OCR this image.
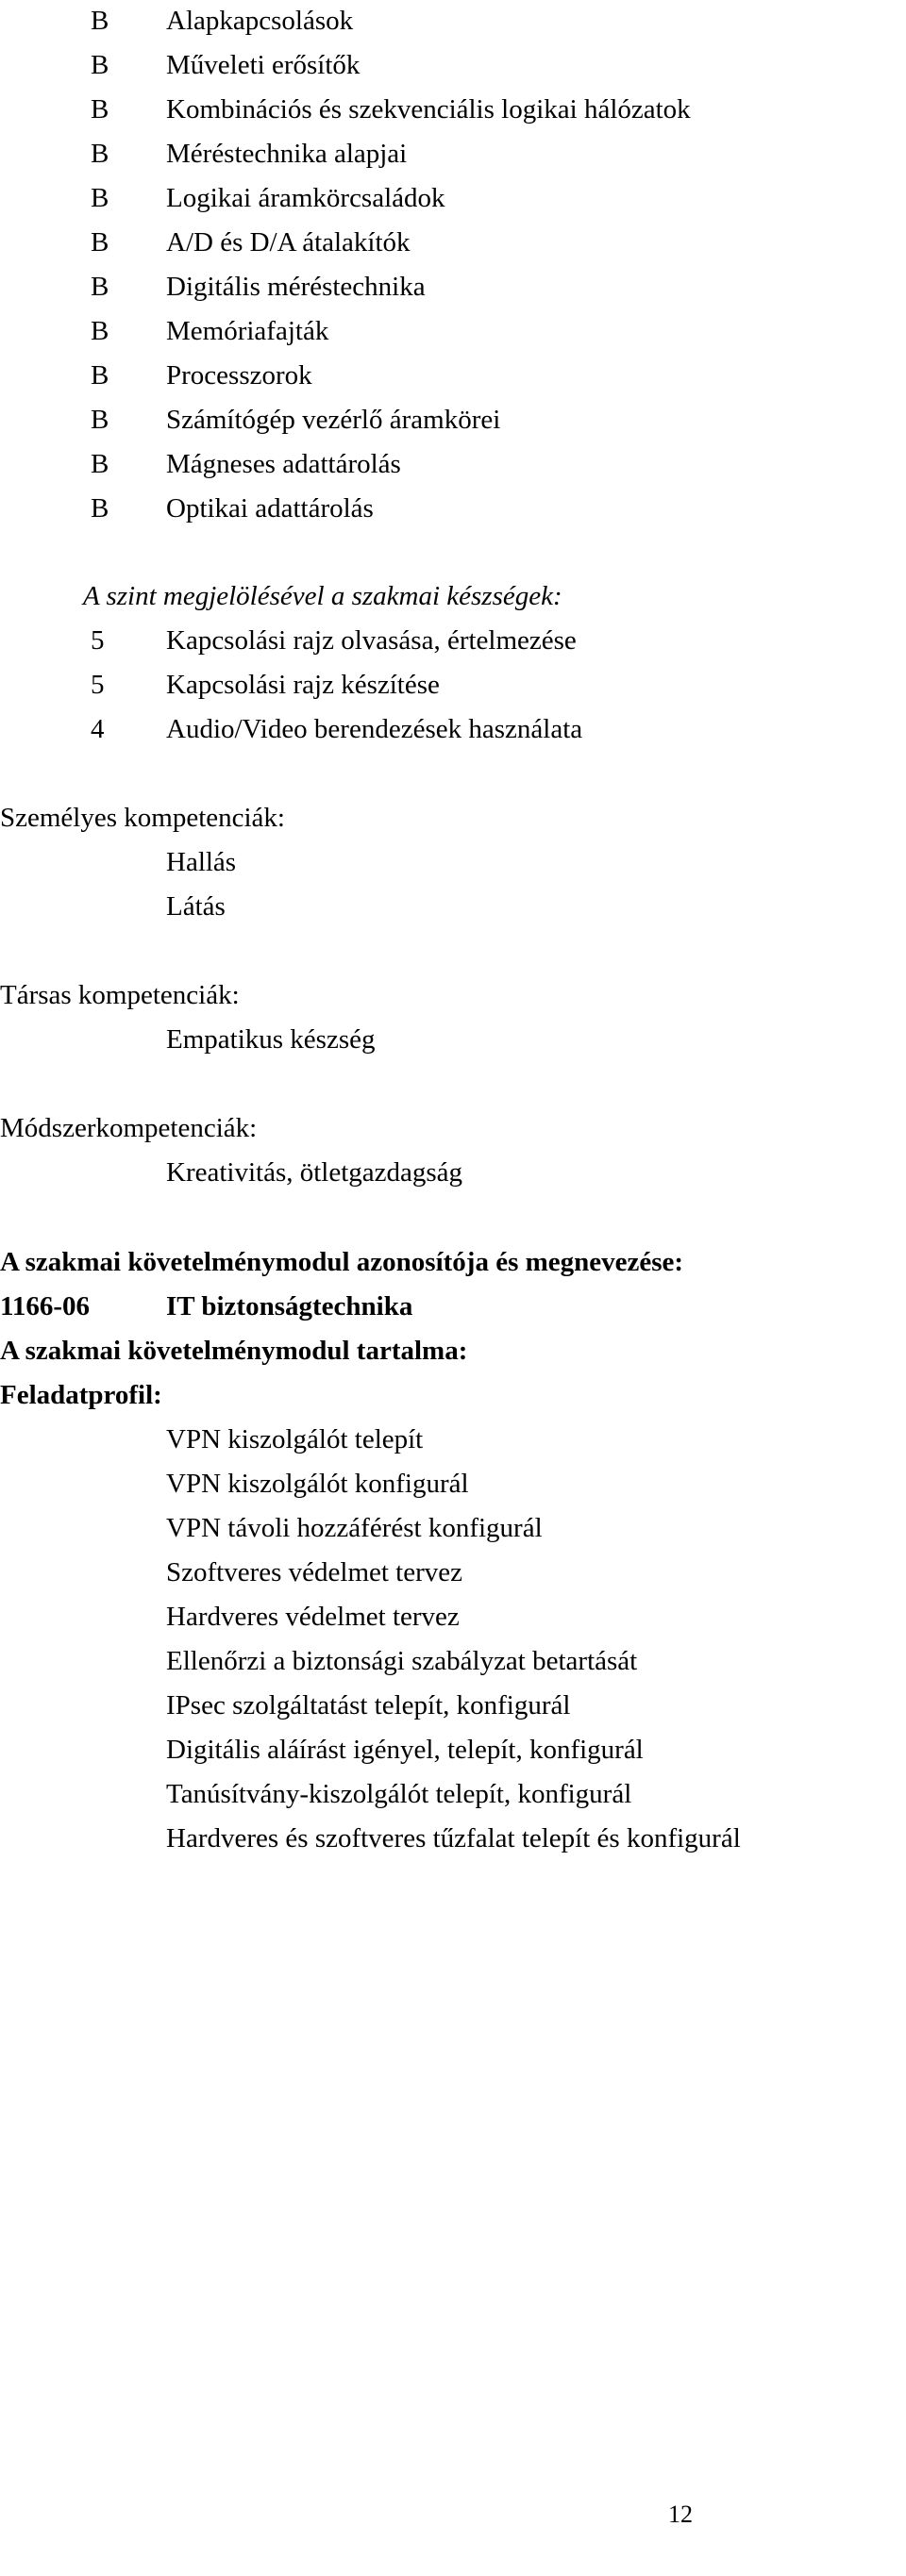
B Alapkapcsolások
B Műveleti erősítők
B Kombinációs és szekvenciális logikai hálózatok
B Méréstechnika alapjai
B Logikai áramkörcsaládok
B A/D és D/A átalakítók
B Digitális méréstechnika
B Memóriafajták
B Processzorok
B Számítógép vezérlő áramkörei
B Mágneses adattárolás
B Optikai adattárolás
A szint megjelölésével a szakmai készségek:
5 Kapcsolási rajz olvasása, értelmezése
5 Kapcsolási rajz készítése
4 Audio/Video berendezések használata
Személyes kompetenciák:
Hallás
Látás
Társas kompetenciák:
Empatikus készség
Módszerkompetenciák:
Kreativitás, ötletgazdagság
A szakmai követelménymodul azonosítója és megnevezése:
1166-06	IT biztonságtechnika
A szakmai követelménymodul tartalma:
Feladatprofil:
VPN kiszolgálót telepít
VPN kiszolgálót konfigurál
VPN távoli hozzáférést konfigurál
Szoftveres védelmet tervez
Hardveres védelmet tervez
Ellenőrzi a biztonsági szabályzat betartását
IPsec szolgáltatást telepít, konfigurál
Digitális aláírást igényel, telepít, konfigurál
Tanúsítvány-kiszolgálót telepít, konfigurál
Hardveres és szoftveres tűzfalat telepít és konfigurál
12
